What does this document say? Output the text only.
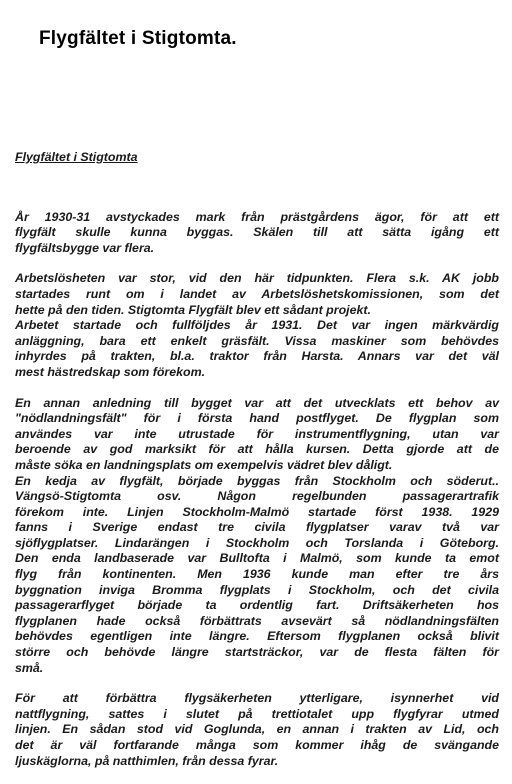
Flygfältet i Stigtomta.
Flygfältet i Stigtomta
År 1930-31 avstyckades mark från prästgårdens ägor, för att ett
flygfält skulle kunna byggas. Skälen till att sätta igång ett
flygfältsbygge var flera.
Arbetslösheten var stor, vid den här tidpunkten. Flera s.k. AK jobb
startades runt om i landet av Arbetslöshetskomissionen, som det
hette på den tiden. Stigtomta Flygfält blev ett sådant projekt.
Arbetet startade och fullföljdes år 1931. Det var ingen märkvärdig
anläggning, bara ett enkelt gräsfält. Vissa maskiner som behövdes
inhyrdes på trakten, bl.a. traktor från Harsta. Annars var det väl
mest hästredskap som förekom.
En annan anledning till bygget var att det utvecklats ett behov av
"nödlandningsfält" för i första hand postflyget. De flygplan som
användes var inte utrustade för instrumentflygning, utan var
beroende av god marksikt för att hålla kursen. Detta gjorde att de
måste söka en landningsplats om exempelvis vädret blev dåligt.
En kedja av flygfält, började byggas från Stockholm och söderut..
Vängsö-Stigtomta osv. Någon regelbunden passagerartrafik
förekom inte. Linjen Stockholm-Malmö startade först 1938. 1929
fanns i Sverige endast tre civila flygplatser varav två var
sjöflygplatser. Lindarängen i Stockholm och Torslanda i Göteborg.
Den enda landbaserade var Bulltofta i Malmö, som kunde ta emot
flyg från kontinenten. Men 1936 kunde man efter tre års
byggnation inviga Bromma flygplats i Stockholm, och det civila
passagerarflyget började ta ordentlig fart. Driftsäkerheten hos
flygplanen hade också förbättrats avsevärt så nödlandningsfälten
behövdes egentligen inte längre. Eftersom flygplanen också blivit
större och behövde längre startsträckor, var de flesta fälten för
små.
För att förbättra flygsäkerheten ytterligare, isynnerhet vid
nattflygning, sattes i slutet på trettiotalet upp flygfyrar utmed
linjen. En sådan stod vid Goglunda, en annan i trakten av Lid, och
det är väl fortfarande många som kommer ihåg de svängande
ljuskäglorna, på natthimlen, från dessa fyrar.
